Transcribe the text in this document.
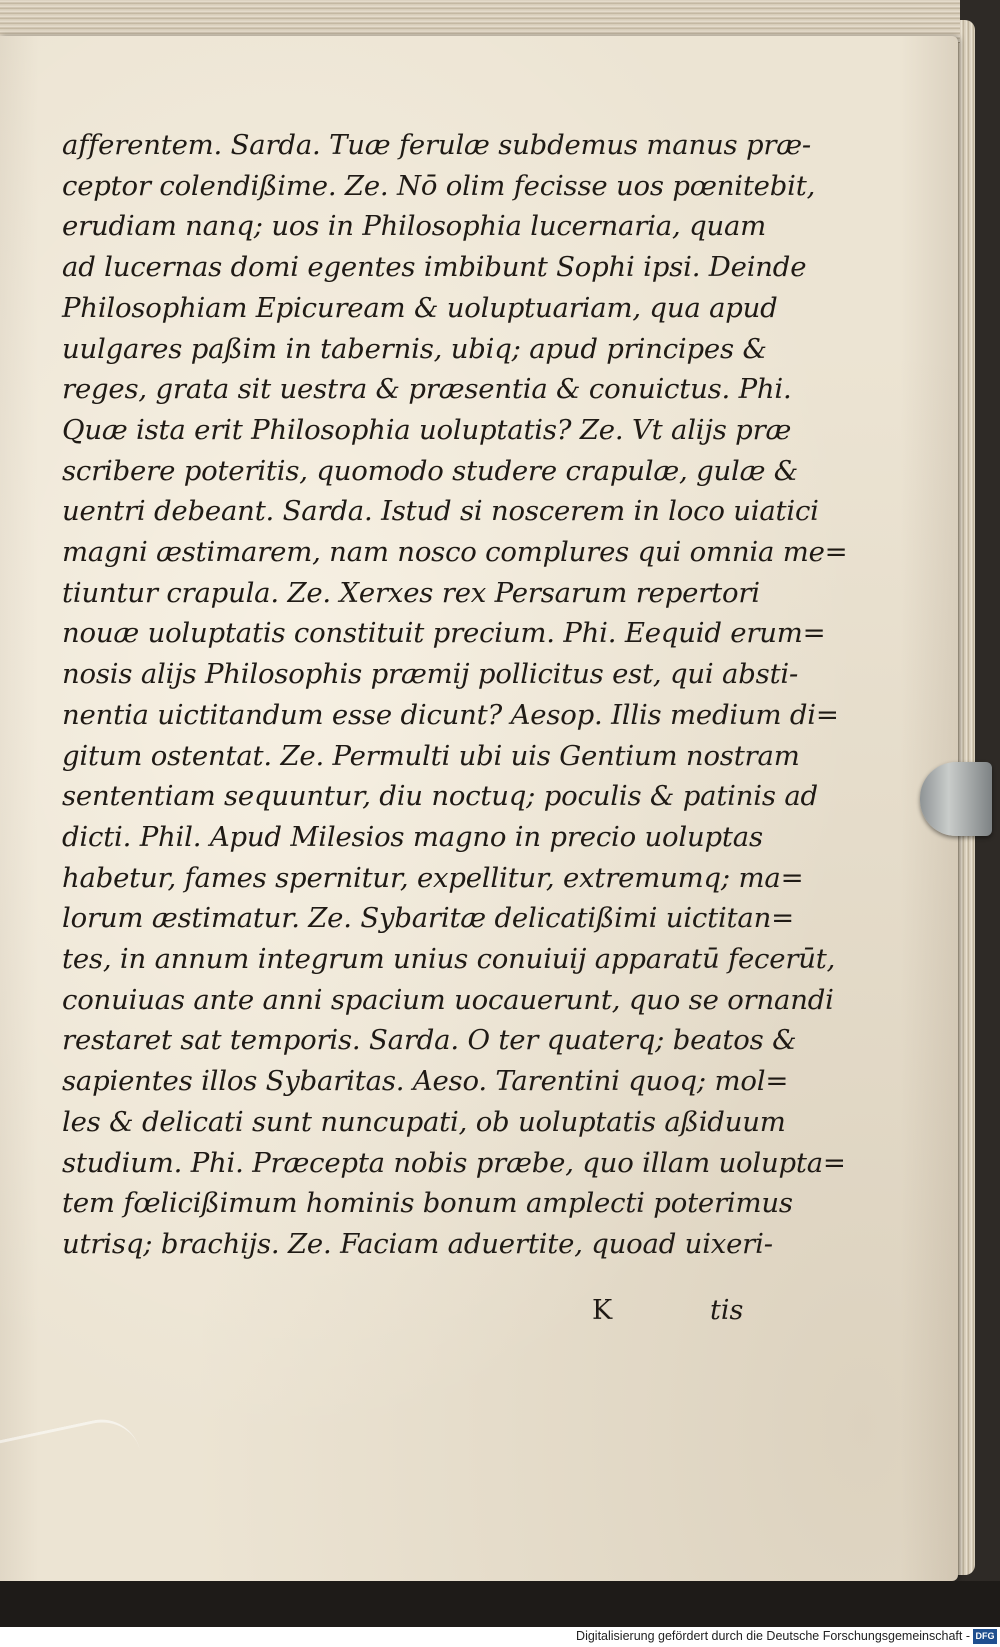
afferentem. Sarda. Tuæ ferulæ subdemus manus præ-
ceptor colendißime. Ze. Nō olim fecisse uos pœnitebit,
erudiam nanq; uos in Philosophia lucernaria, quam
ad lucernas domi egentes imbibunt Sophi ipsi. Deinde
Philosophiam Epicuream & uoluptuariam, qua apud
uulgares paßim in tabernis, ubiq; apud principes &
reges, grata sit uestra & præsentia & conuictus. Phi.
Quæ ista erit Philosophia uoluptatis? Ze. Vt alijs præ
scribere poteritis, quomodo studere crapulæ, gulæ &
uentri debeant. Sarda. Istud si noscerem in loco uiatici
magni æstimarem, nam nosco complures qui omnia me=
tiuntur crapula. Ze. Xerxes rex Persarum repertori
nouæ uoluptatis constituit precium. Phi. Eequid erum=
nosis alijs Philosophis præmij pollicitus est, qui absti-
nentia uictitandum esse dicunt? Aesop. Illis medium di=
gitum ostentat. Ze. Permulti ubi uis Gentium nostram
sententiam sequuntur, diu noctuq; poculis & patinis ad
dicti. Phil. Apud Milesios magno in precio uoluptas
habetur, fames spernitur, expellitur, extremumq; ma=
lorum æstimatur. Ze. Sybaritæ delicatißimi uictitan=
tes, in annum integrum unius conuiuij apparatū fecerūt,
conuiuas ante anni spacium uocauerunt, quo se ornandi
restaret sat temporis. Sarda. O ter quaterq; beatos &
sapientes illos Sybaritas. Aeso. Tarentini quoq; mol=
les & delicati sunt nuncupati, ob uoluptatis aßiduum
studium. Phi. Præcepta nobis præbe, quo illam uolupta=
tem fœlicißimum hominis bonum amplecti poterimus
utrisq; brachijs. Ze. Faciam aduertite, quoad uixeri-
K	tis
Digitalisierung gefördert durch die Deutsche Forschungsgemeinschaft - DFG
